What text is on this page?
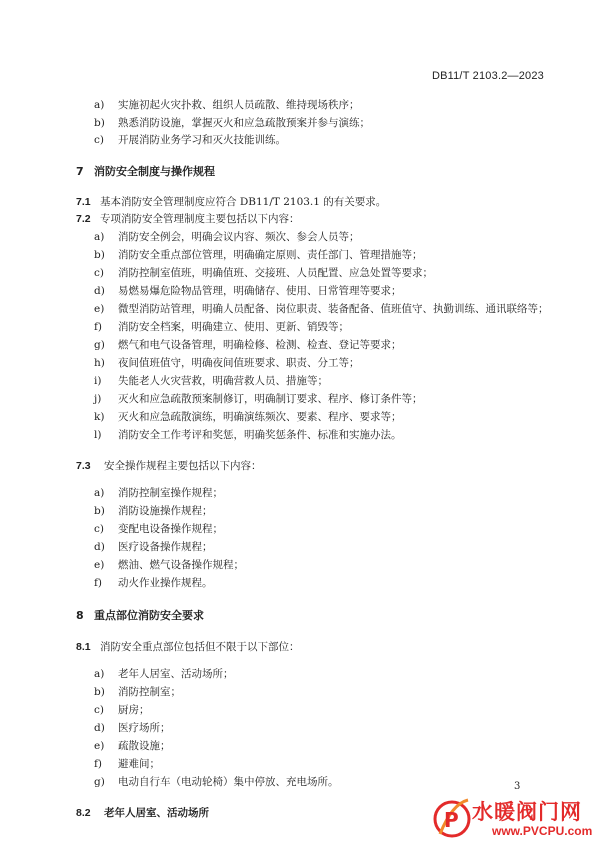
DB11/T 2103.2—2023
a) 实施初起火灾扑救、组织人员疏散、维持现场秩序；
b) 熟悉消防设施，掌握灭火和应急疏散预案并参与演练；
c) 开展消防业务学习和灭火技能训练。
7 消防安全制度与操作规程
7.1 基本消防安全管理制度应符合 DB11/T 2103.1 的有关要求。
7.2 专项消防安全管理制度主要包括以下内容：
a) 消防安全例会，明确会议内容、频次、参会人员等；
b) 消防安全重点部位管理，明确确定原则、责任部门、管理措施等；
c) 消防控制室值班，明确值班、交接班、人员配置、应急处置等要求；
d) 易燃易爆危险物品管理，明确储存、使用、日常管理等要求；
e) 微型消防站管理，明确人员配备、岗位职责、装备配备、值班值守、执勤训练、通讯联络等；
f) 消防安全档案，明确建立、使用、更新、销毁等；
g) 燃气和电气设备管理，明确检修、检测、检查、登记等要求；
h) 夜间值班值守，明确夜间值班要求、职责、分工等；
i) 失能老人火灾营救，明确营救人员、措施等；
j) 灭火和应急疏散预案制修订，明确制订要求、程序、修订条件等；
k) 灭火和应急疏散演练，明确演练频次、要素、程序、要求等；
l) 消防安全工作考评和奖惩，明确奖惩条件、标准和实施办法。
7.3 安全操作规程主要包括以下内容：
a) 消防控制室操作规程；
b) 消防设施操作规程；
c) 变配电设备操作规程；
d) 医疗设备操作规程；
e) 燃油、燃气设备操作规程；
f) 动火作业操作规程。
8 重点部位消防安全要求
8.1 消防安全重点部位包括但不限于以下部位：
a) 老年人居室、活动场所；
b) 消防控制室；
c) 厨房；
d) 医疗场所；
e) 疏散设施；
f) 避难间；
g) 电动自行车（电动轮椅）集中停放、充电场所。
8.2 老年人居室、活动场所
3
P 水暖阀门网
www.PVCPU.com
